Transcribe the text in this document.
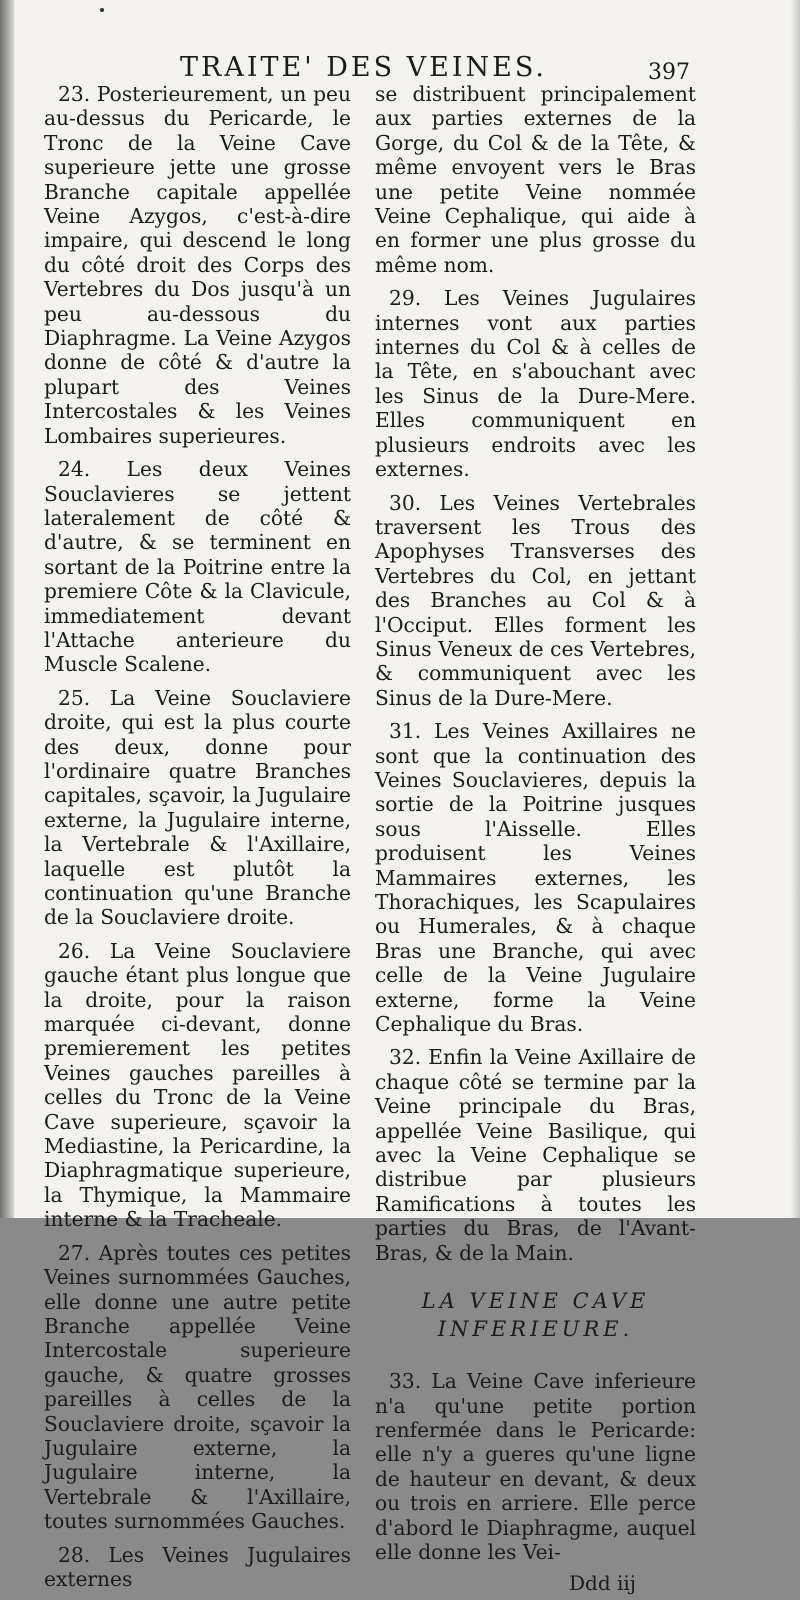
TRAITE' DES VEINES.	397

23. Posterieurement, un peu au-dessus du Pericarde, le Tronc de la Veine Cave superieure jette une grosse Branche capitale appellée Veine Azygos, c'est-à-dire impaire, qui descend le long du côté droit des Corps des Vertebres du Dos jusqu'à un peu au-dessous du Diaphragme. La Veine Azygos donne de côté & d'autre la plupart des Veines Intercostales & les Veines Lombaires superieures.

24. Les deux Veines Souclavieres se jettent lateralement de côté & d'autre, & se terminent en sortant de la Poitrine entre la premiere Côte & la Clavicule, immediatement devant l'Attache anterieure du Muscle Scalene.

25. La Veine Souclaviere droite, qui est la plus courte des deux, donne pour l'ordinaire quatre Branches capitales, sçavoir, la Jugulaire externe, la Jugulaire interne, la Vertebrale & l'Axillaire, laquelle est plutôt la continuation qu'une Branche de la Souclaviere droite.

26. La Veine Souclaviere gauche étant plus longue que la droite, pour la raison marquée ci-devant, donne premierement les petites Veines gauches pareilles à celles du Tronc de la Veine Cave superieure, sçavoir la Mediastine, la Pericardine, la Diaphragmatique superieure, la Thymique, la Mammaire interne & la Tracheale.

27. Après toutes ces petites Veines surnommées Gauches, elle donne une autre petite Branche appellée Veine Intercostale superieure gauche, & quatre grosses pareilles à celles de la Souclaviere droite, sçavoir la Jugulaire externe, la Jugulaire interne, la Vertebrale & l'Axillaire, toutes surnommées Gauches.

28. Les Veines Jugulaires externes

se distribuent principalement aux parties externes de la Gorge, du Col & de la Tête, & même envoyent vers le Bras une petite Veine nommée Veine Cephalique, qui aide à en former une plus grosse du même nom.

29. Les Veines Jugulaires internes vont aux parties internes du Col & à celles de la Tête, en s'abouchant avec les Sinus de la Dure-Mere. Elles communiquent en plusieurs endroits avec les externes.

30. Les Veines Vertebrales traversent les Trous des Apophyses Transverses des Vertebres du Col, en jettant des Branches au Col & à l'Occiput. Elles forment les Sinus Veneux de ces Vertebres, & communiquent avec les Sinus de la Dure-Mere.

31. Les Veines Axillaires ne sont que la continuation des Veines Souclavieres, depuis la sortie de la Poitrine jusques sous l'Aisselle. Elles produisent les Veines Mammaires externes, les Thorachiques, les Scapulaires ou Humerales, & à chaque Bras une Branche, qui avec celle de la Veine Jugulaire externe, forme la Veine Cephalique du Bras.

32. Enfin la Veine Axillaire de chaque côté se termine par la Veine principale du Bras, appellée Veine Basilique, qui avec la Veine Cephalique se distribue par plusieurs Ramifications à toutes les parties du Bras, de l'Avant-Bras, & de la Main.

LA VEINE CAVE
INFERIEURE.

33. La Veine Cave inferieure n'a qu'une petite portion renfermée dans le Pericarde: elle n'y a gueres qu'une ligne de hauteur en devant, & deux ou trois en arriere. Elle perce d'abord le Diaphragme, auquel elle donne les Vei-

Ddd iij
